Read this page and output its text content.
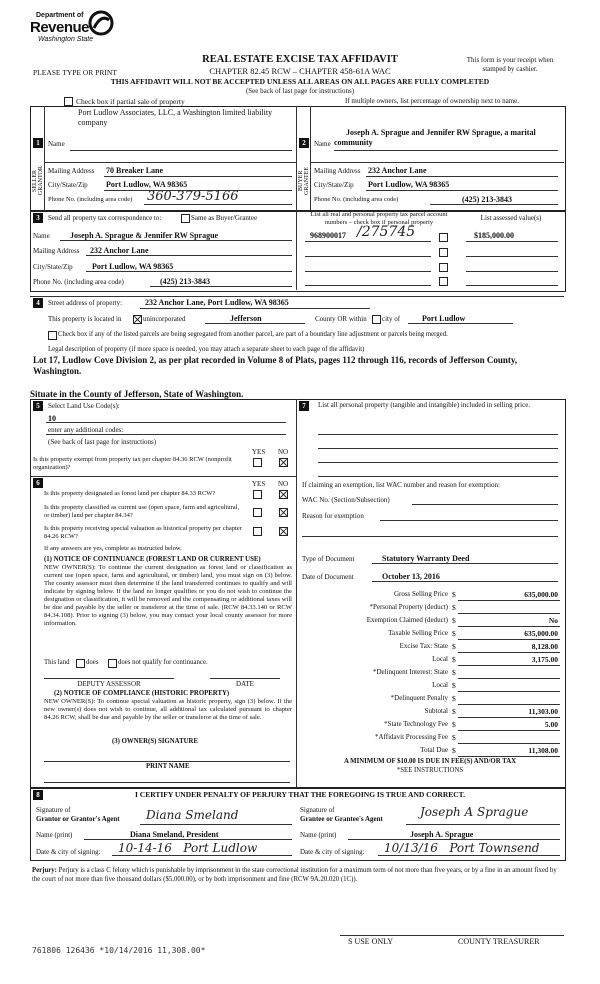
Department of
Revenue
Washington State
REAL ESTATE EXCISE TAX AFFIDAVIT
CHAPTER 82.45 RCW – CHAPTER 458-61A WAC
THIS AFFIDAVIT WILL NOT BE ACCEPTED UNLESS ALL AREAS ON ALL PAGES ARE FULLY COMPLETED
(See back of last page for instructions)
PLEASE TYPE OR PRINT
This form is your receipt when stamped by cashier.
Check box if partial sale of property	If multiple owners, list percentage of ownership next to name.
1
SELLER GRANTOR
Name
Port Ludlow Associates, LLC, a Washington limited liability company
Mailing Address 70 Breaker Lane
City/State/Zip Port Ludlow, WA 98365
Phone No. (including area code) 360-379-5166
2
BUYER GRANTEE
Name
Joseph A. Sprague and Jennifer RW Sprague, a marital community
Mailing Address 232 Anchor Lane
City/State/Zip Port Ludlow, WA 98365
Phone No. (including area code)	(425) 213-3843
3	Send all property tax correspondence to:	Same as Buyer/Grantee
Name	Joseph A. Sprague & Jennifer RW Sprague
Mailing Address 232 Anchor Lane
City/State/Zip Port Ludlow, WA 98365
Phone No. (including area code)	(425) 213-3843
List all real and personal property tax parcel account numbers – check box if personal property
List assessed value(s)
968900017 /275745	$185,000.00
4	Street address of property:	232 Anchor Lane, Port Ludlow, WA 98365
This property is located in	unincorporated	Jefferson	County OR within city of	Port Ludlow
Check box if any of the listed parcels are being segregated from another parcel, are part of a boundary line adjustment or parcels being merged.
Legal description of property (if more space is needed, you may attach a separate sheet to each page of the affidavit)
Lot 17, Ludlow Cove Division 2, as per plat recorded in Volume 8 of Plats, pages 112 through 116, records of Jefferson County, Washington.
Situate in the County of Jefferson, State of Washington.
5	Select Land Use Code(s):
10
enter any additional codes:
(See back of last page for instructions)
YES NO
Is this property exempt from property tax per chapter 84.36 RCW (nonprofit organization)?
6	YES NO
Is this property designated as forest land per chapter 84.33 RCW?
Is this property classified as current use (open space, farm and agricultural, or timber) land per chapter 84.34?
Is this property receiving special valuation as historical property per chapter 84.26 RCW?
If any answers are yes, complete as instructed below.
(1) NOTICE OF CONTINUANCE (FOREST LAND OR CURRENT USE)
NEW OWNER(S): To continue the current designation as forest land or classification as current use (open space, farm and agricultural, or timber) land, you must sign on (3) below. The county assessor must then determine if the land transferred continues to qualify and will indicate by signing below. If the land no longer qualifies or you do not wish to continue the designation or classification, it will be removed and the compensating or additional taxes will be due and payable by the seller or transferor at the time of sale. (RCW 84.33.140 or RCW 84.34.108). Prior to signing (3) below, you may contact your local county assessor for more information.
This land does	does not qualify for continuance.
DEPUTY ASSESSOR	DATE
(2) NOTICE OF COMPLIANCE (HISTORIC PROPERTY)
NEW OWNER(S): To continue special valuation as historic property, sign (3) below. If the new owner(s) does not wish to continue, all additional tax calculated pursuant to chapter 84.26 RCW, shall be due and payable by the seller or transferor at the time of sale.
(3) OWNER(S) SIGNATURE
PRINT NAME
7	List all personal property (tangible and intangible) included in selling price.
If claiming an exemption, list WAC number and reason for exemption:
WAC No. (Section/Subsection)
Reason for exemption
Type of Document	Statutory Warranty Deed
Date of Document	October 13, 2016
Gross Selling Price $	635,000.00
*Personal Property (deduct) $
Exemption Claimed (deduct) $	No
Taxable Selling Price $	635,000.00
Excise Tax: State $	8,128.00
Local $	3,175.00
*Delinquent Interest: State $
Local $
*Delinquent Penalty $
Subtotal $	11,303.00
*State Technology Fee $	5.00
*Affidavit Processing Fee $
Total Due $	11,308.00
A MINIMUM OF $10.00 IS DUE IN FEE(S) AND/OR TAX
*SEE INSTRUCTIONS
8	I CERTIFY UNDER PENALTY OF PERJURY THAT THE FOREGOING IS TRUE AND CORRECT.
Signature of
Grantor or Grantor's Agent Diana Smeland
Name (print)	Diana Smeland, President
Date & city of signing: 10-14-16   Port Ludlow
Signature of
Grantee or Grantee's Agent	Joseph A Sprague
Name (print)	Joseph A. Sprague
Date & city of signing: 10/13/16   Port Townsend
Perjury: Perjury is a class C felony which is punishable by imprisonment in the state correctional institution for a maximum term of not more than five years, or by a fine in an amount fixed by the court of not more than five thousand dollars ($5,000.00), or by both imprisonment and fine (RCW 9A.20.020 (1C)).
761806 126436 *10/14/2016 11,308.00*
S USE ONLY	COUNTY TREASURER
